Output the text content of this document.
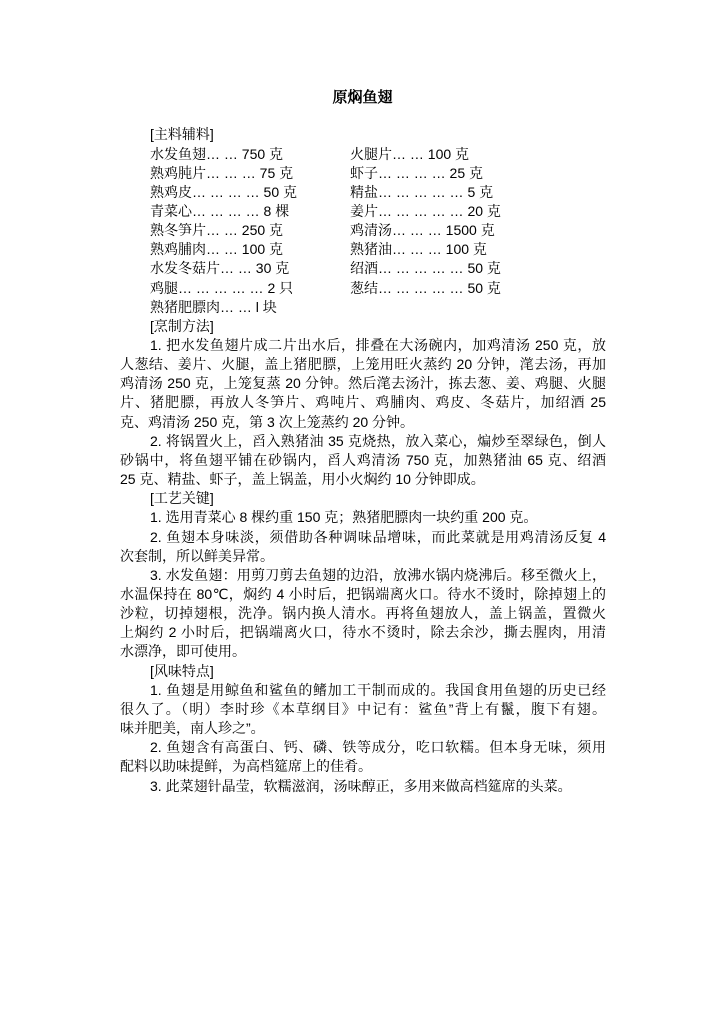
原焖鱼翅
[主料辅料]
水发鱼翅… … 750 克
熟鸡肫片… … … 75 克
熟鸡皮… … … … 50 克
青菜心… … … … 8 棵
熟冬笋片… … 250 克
熟鸡脯肉… … 100 克
水发冬菇片… … 30 克
鸡腿… … … … … 2 只
熟猪肥膘肉… … l 块
火腿片… … 100 克
虾子… … … … 25 克
精盐… … … … … 5 克
姜片… … … … … 20 克
鸡清汤… … … 1500 克
熟猪油… … … 100 克
绍酒… … … … … 50 克
葱结… … … … … 50 克
[烹制方法]
1. 把水发鱼翅片成二片出水后，排叠在大汤碗内，加鸡清汤 250 克，放
人葱结、姜片、火腿，盖上猪肥膘，上笼用旺火蒸约 20 分钟，滗去汤，再加
鸡清汤 250 克，上笼复蒸 20 分钟。然后滗去汤汁，拣去葱、姜、鸡腿、火腿
片、猪肥膘，再放人冬笋片、鸡吨片、鸡脯肉、鸡皮、冬菇片，加绍酒 25
克、鸡清汤 250 克，第 3 次上笼蒸约 20 分钟。
2. 将锅置火上，舀入熟猪油 35 克烧热，放入菜心，煸炒至翠绿色，倒人
砂锅中，将鱼翅平铺在砂锅内，舀人鸡清汤 750 克，加熟猪油 65 克、绍酒
25 克、精盐、虾子，盖上锅盖，用小火焖约 10 分钟即成。
[工艺关键]
1. 选用青菜心 8 棵约重 150 克；熟猪肥膘肉一块约重 200 克。
2. 鱼翅本身味淡，须借助各种调味品增味，而此菜就是用鸡清汤反复 4
次套制，所以鲜美异常。
3. 水发鱼翅：用剪刀剪去鱼翅的边沿，放沸水锅内烧沸后。移至微火上，
水温保持在 80℃，焖约 4 小时后，把锅端离火口。待水不烫时，除掉翅上的
沙粒，切掉翅根，洗净。锅内换人清水。再将鱼翅放人，盖上锅盖，置微火
上焖约 2 小时后，把锅端离火口，待水不烫时，除去余沙，撕去腥肉，用清
水漂净，即可使用。
[风味特点]
1. 鱼翅是用鲸鱼和鲨鱼的鳍加工干制而成的。我国食用鱼翅的历史已经
很久了。（明）李时珍《本草纲目》中记有：鲨鱼”背上有鬣，腹下有翅。
味并肥美，南人珍之”。
2. 鱼翅含有高蛋白、钙、磷、铁等成分，吃口软糯。但本身无味，须用
配料以助味提鲜，为高档筵席上的佳肴。
3. 此菜翅针晶莹，软糯滋润，汤味醇正，多用来做高档筵席的头菜。
